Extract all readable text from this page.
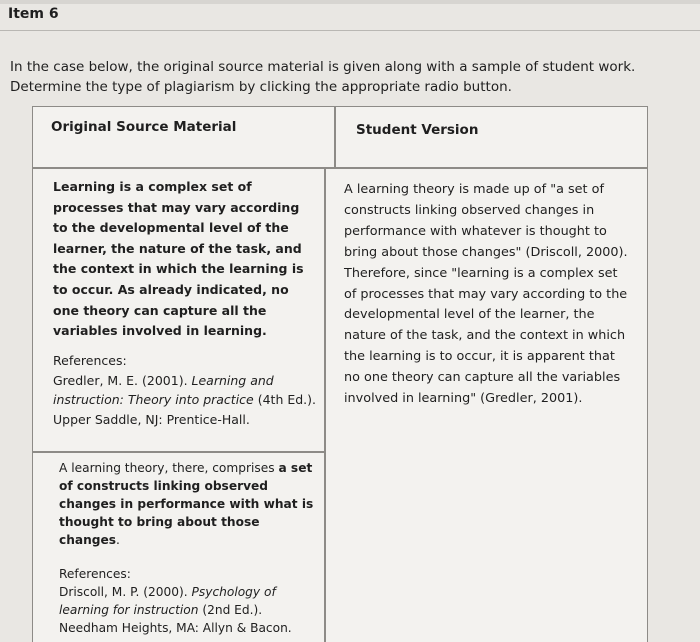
Item 6

In the case below, the original source material is given along with a sample of student work.

Determine the type of plagiarism by clicking the appropriate radio button.

Original Source Material	Student Version
Learning is a complex set of processes that may vary according to the developmental level of the learner, the nature of the task, and the context in which the learning is to occur. As already indicated, no one theory can capture all the variables involved in learning.
References:
Gredler, M. E. (2001). Learning and instruction: Theory into practice (4th Ed.). Upper Saddle, NJ: Prentice-Hall.
A learning theory, there, comprises a set of constructs linking observed changes in performance with what is thought to bring about those changes.
References:
Driscoll, M. P. (2000). Psychology of learning for instruction (2nd Ed.). Needham Heights, MA: Allyn & Bacon.
A learning theory is made up of "a set of constructs linking observed changes in performance with whatever is thought to bring about those changes" (Driscoll, 2000). Therefore, since "learning is a complex set of processes that may vary according to the developmental level of the learner, the nature of the task, and the context in which the learning is to occur, it is apparent that no one theory can capture all the variables involved in learning" (Gredler, 2001).
